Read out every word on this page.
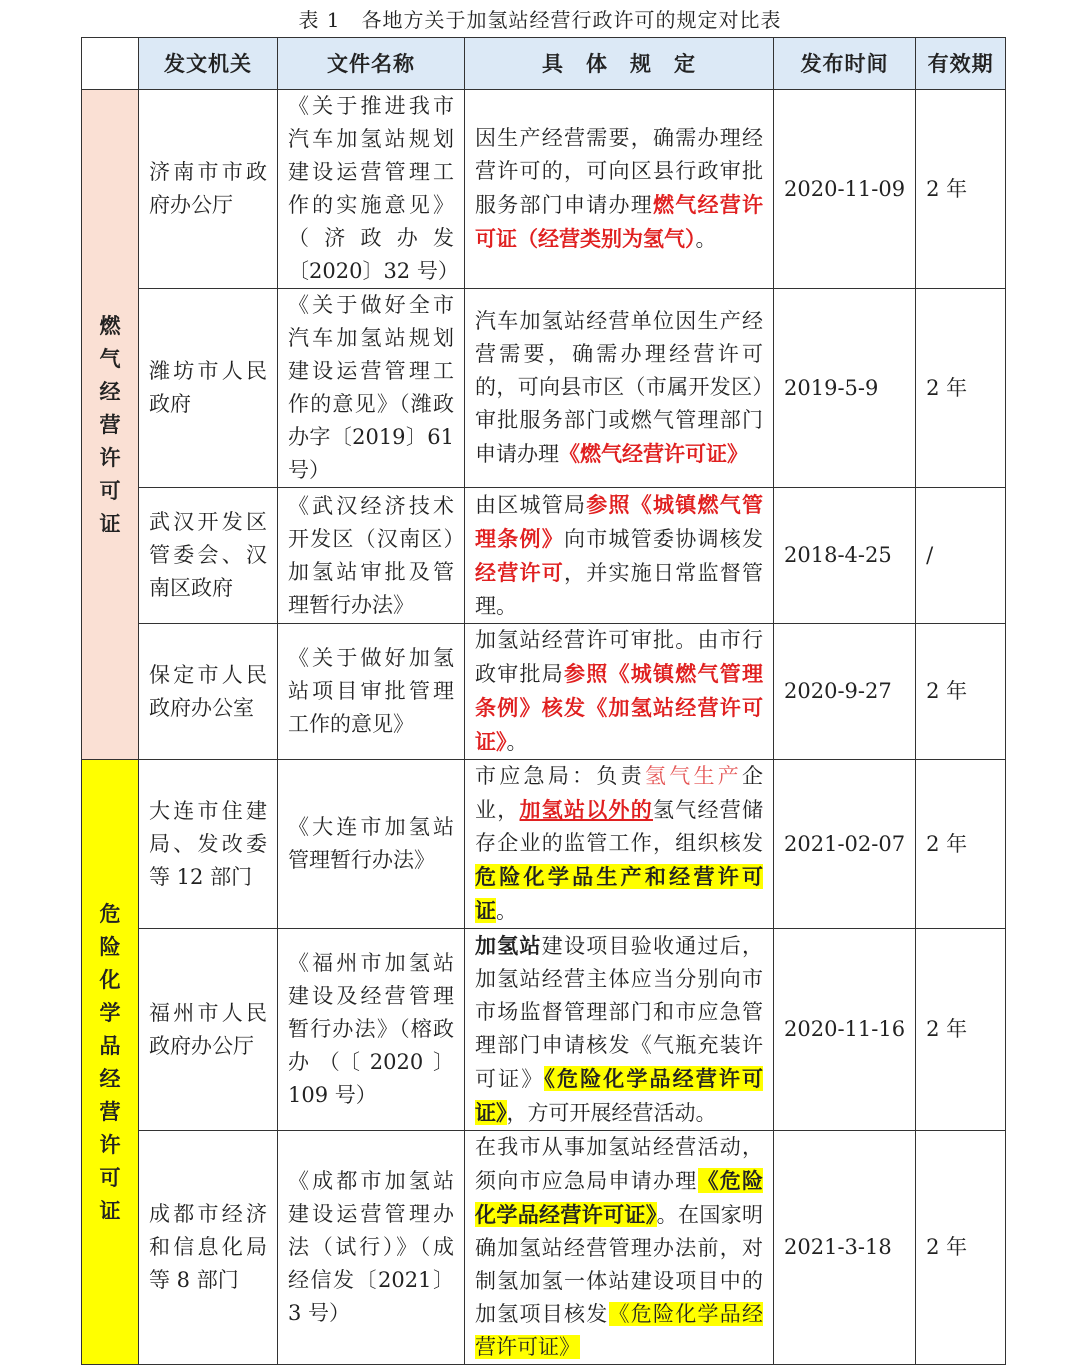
表 1　各地方关于加氢站经营行政许可的规定对比表
	发文机关	文件名称	具　体　规　定	发布时间	有效期
燃气经营许可证	济南市市政府办公厅	《关于推进我市汽车加氢站规划建设运营管理工作的实施意见》（济政办发〔2020〕32 号）	因生产经营需要，确需办理经营许可的，可向区县行政审批服务部门申请办理燃气经营许可证（经营类别为氢气）。	2020-11-09	2 年
	潍坊市人民政府	《关于做好全市汽车加氢站规划建设运营管理工作的意见》（潍政办字〔2019〕61 号）	汽车加氢站经营单位因生产经营需要，确需办理经营许可的，可向县市区（市属开发区）审批服务部门或燃气管理部门申请办理《燃气经营许可证》	2019-5-9	2 年
	武汉开发区管委会、汉南区政府	《武汉经济技术开发区（汉南区）加氢站审批及管理暂行办法》	由区城管局参照《城镇燃气管理条例》向市城管委协调核发经营许可，并实施日常监督管理。	2018-4-25	/
	保定市人民政府办公室	《关于做好加氢站项目审批管理工作的意见》	加氢站经营许可审批。由市行政审批局参照《城镇燃气管理条例》核发《加氢站经营许可证》。	2020-9-27	2 年
危险化学品经营许可证	大连市住建局、发改委等 12 部门	《大连市加氢站管理暂行办法》	市应急局：负责氢气生产企业，加氢站以外的氢气经营储存企业的监管工作，组织核发危险化学品生产和经营许可证。	2021-02-07	2 年
	福州市人民政府办公厅	《福州市加氢站建设及经营管理暂行办法》（榕政办（〔2020〕109 号）	加氢站建设项目验收通过后，加氢站经营主体应当分别向市市场监督管理部门和市应急管理部门申请核发《气瓶充装许可证》《危险化学品经营许可证》，方可开展经营活动。	2020-11-16	2 年
	成都市经济和信息化局等 8 部门	《成都市加氢站建设运营管理办法（试行）》（成经信发〔2021〕3 号）	在我市从事加氢站经营活动，须向市应急局申请办理《危险化学品经营许可证》。在国家明确加氢站经营管理办法前，对制氢加氢一体站建设项目中的加氢项目核发《危险化学品经营许可证》	2021-3-18	2 年
